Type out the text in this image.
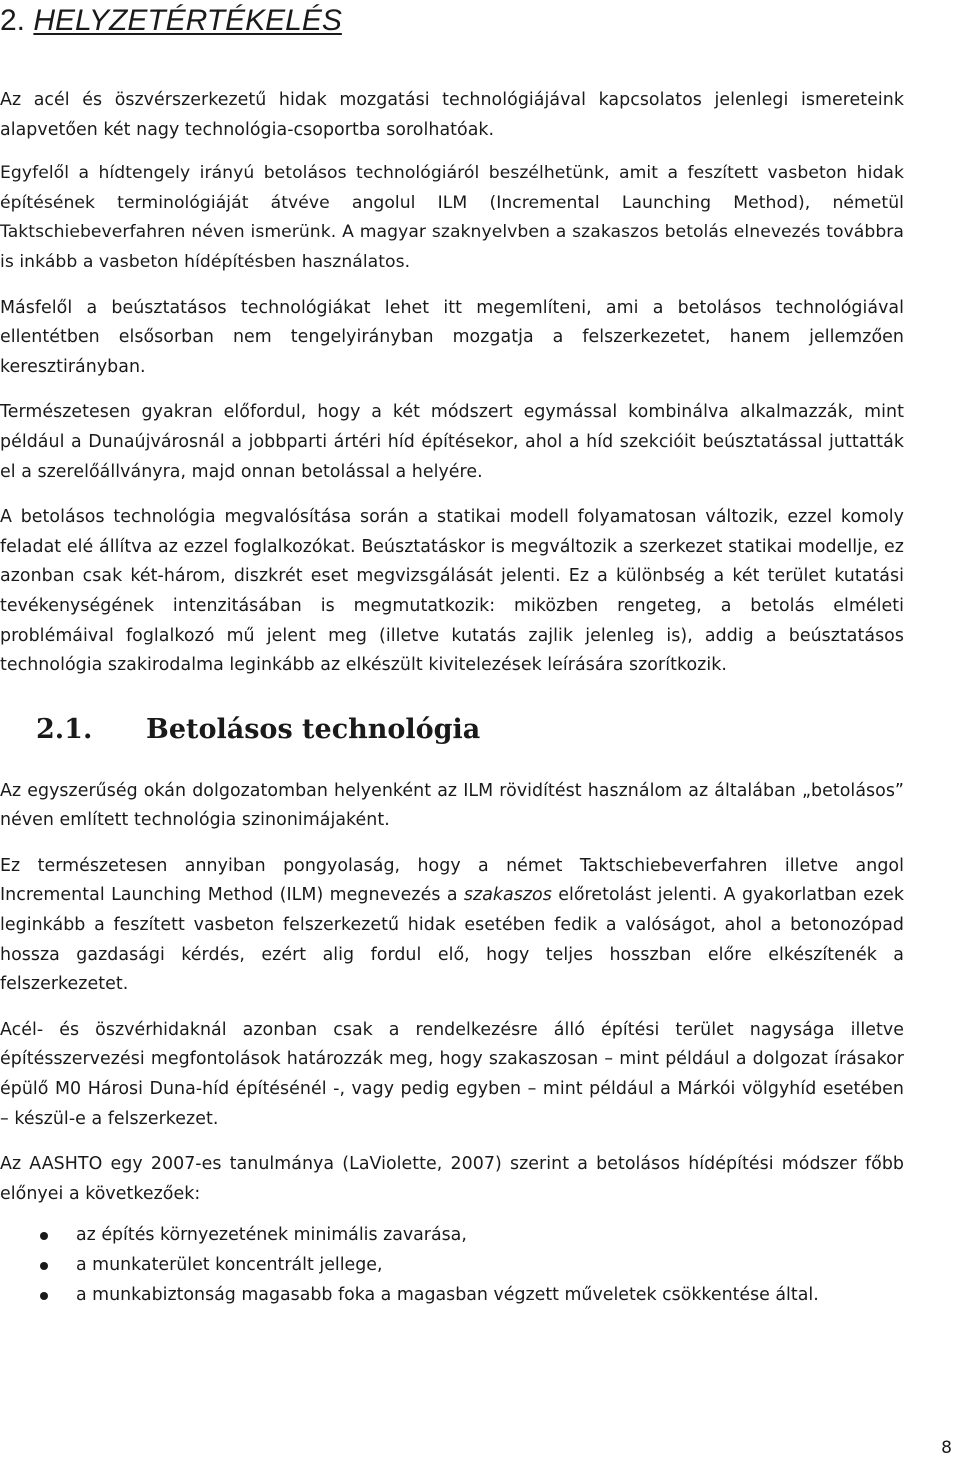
2. HELYZETÉRTÉKELÉS

Az acél és öszvérszerkezetű hidak mozgatási technológiájával kapcsolatos jelenlegi ismereteink alapvetően két nagy technológia-csoportba sorolhatóak.

Egyfelől a hídtengely irányú betolásos technológiáról beszélhetünk, amit a feszített vasbeton hidak építésének terminológiáját átvéve angolul ILM (Incremental Launching Method), németül Taktschiebeverfahren néven ismerünk. A magyar szaknyelvben a szakaszos betolás elnevezés továbbra is inkább a vasbeton hídépítésben használatos.

Másfelől a beúsztatásos technológiákat lehet itt megemlíteni, ami a betolásos technológiával ellentétben elsősorban nem tengelyirányban mozgatja a felszerkezetet, hanem jellemzően keresztirányban.

Természetesen gyakran előfordul, hogy a két módszert egymással kombinálva alkalmazzák, mint például a Dunaújvárosnál a jobbparti ártéri híd építésekor, ahol a híd szekcióit beúsztatással juttatták el a szerelőállványra, majd onnan betolással a helyére.

A betolásos technológia megvalósítása során a statikai modell folyamatosan változik, ezzel komoly feladat elé állítva az ezzel foglalkozókat. Beúsztatáskor is megváltozik a szerkezet statikai modellje, ez azonban csak két-három, diszkrét eset megvizsgálását jelenti. Ez a különbség a két terület kutatási tevékenységének intenzitásában is megmutatkozik: miközben rengeteg, a betolás elméleti problémáival foglalkozó mű jelent meg (illetve kutatás zajlik jelenleg is), addig a beúsztatásos technológia szakirodalma leginkább az elkészült kivitelezések leírására szorítkozik.

2.1. Betolásos technológia

Az egyszerűség okán dolgozatomban helyenként az ILM rövidítést használom az általában „betolásos” néven említett technológia szinonimájaként.

Ez természetesen annyiban pongyolaság, hogy a német Taktschiebeverfahren illetve angol Incremental Launching Method (ILM) megnevezés a szakaszos előretolást jelenti. A gyakorlatban ezek leginkább a feszített vasbeton felszerkezetű hidak esetében fedik a valóságot, ahol a betonozópad hossza gazdasági kérdés, ezért alig fordul elő, hogy teljes hosszban előre elkészítenék a felszerkezetet.

Acél- és öszvérhidaknál azonban csak a rendelkezésre álló építési terület nagysága illetve építésszervezési megfontolások határozzák meg, hogy szakaszosan – mint például a dolgozat írásakor épülő M0 Hárosi Duna-híd építésénél -, vagy pedig egyben – mint például a Márkói völgyhíd esetében – készül-e a felszerkezet.

Az AASHTO egy 2007-es tanulmánya (LaViolette, 2007) szerint a betolásos hídépítési módszer főbb előnyei a következőek:

az építés környezetének minimális zavarása,
a munkaterület koncentrált jellege,
a munkabiztonság magasabb foka a magasban végzett műveletek csökkentése által.
8
